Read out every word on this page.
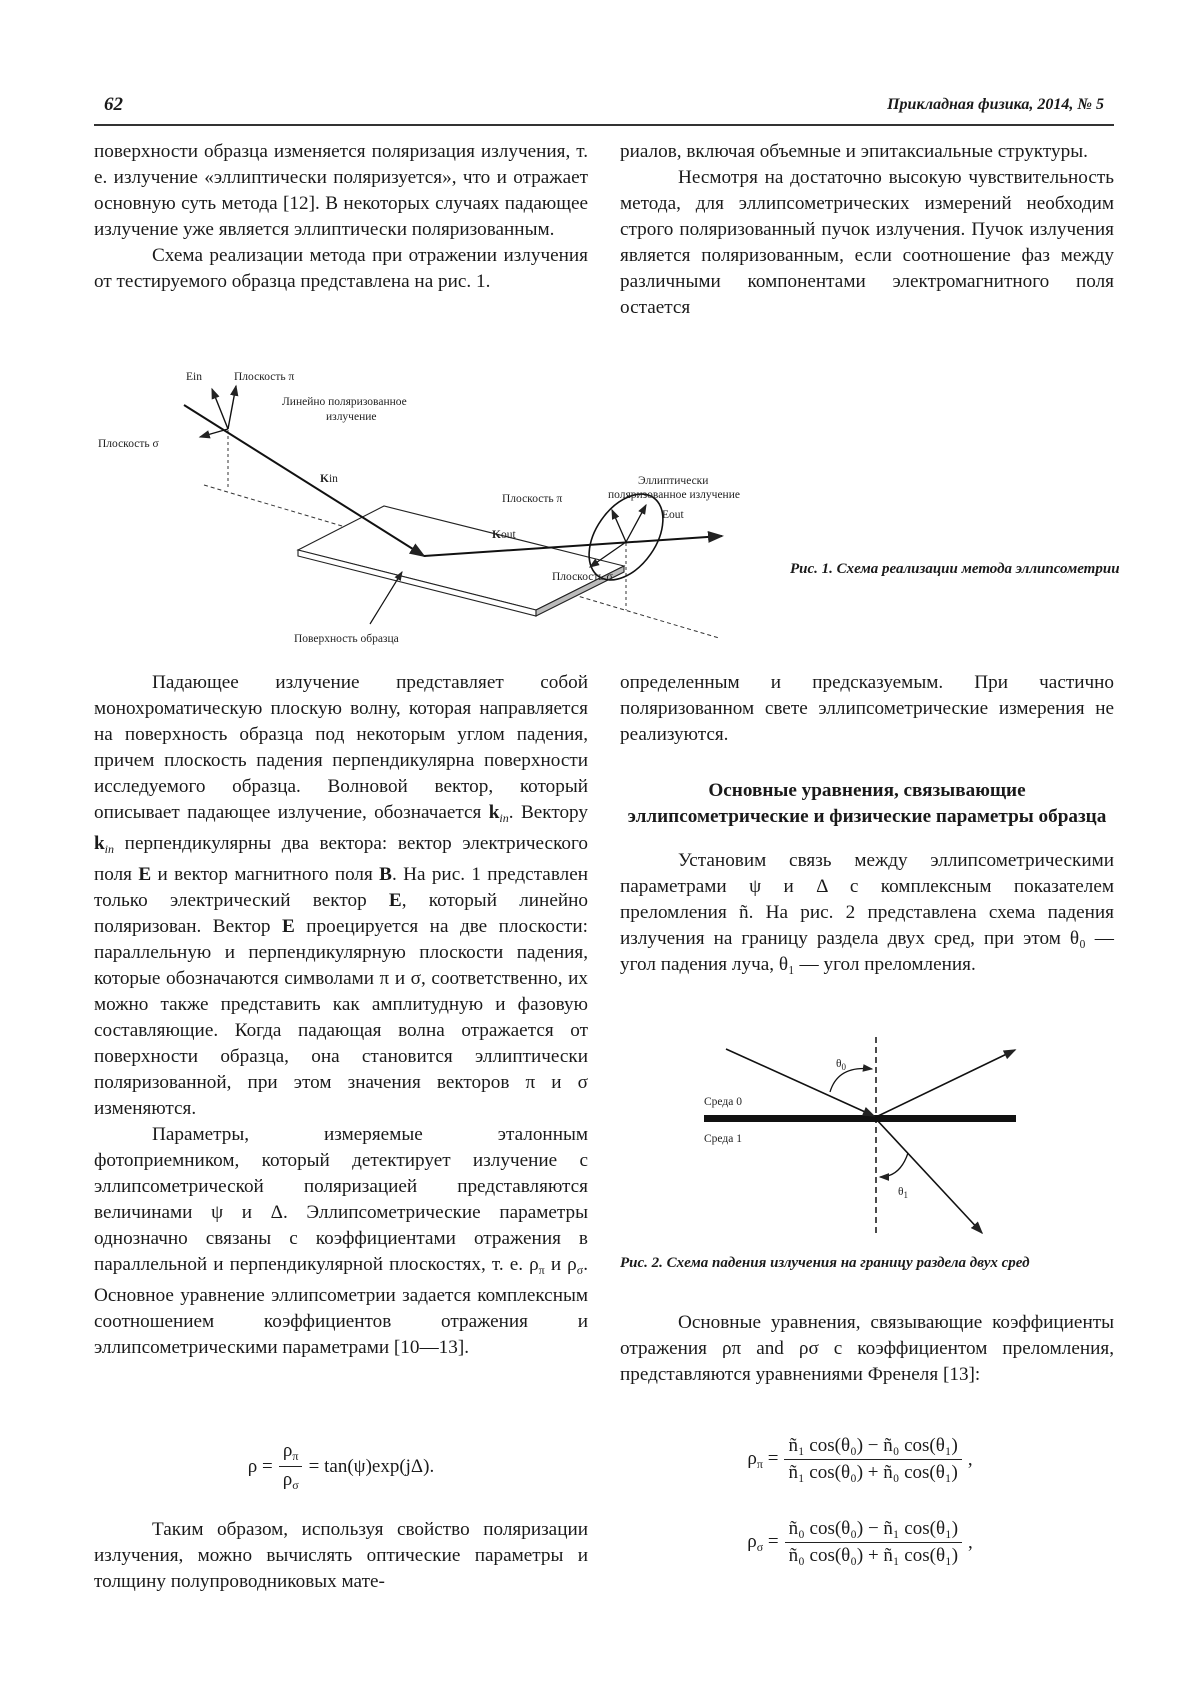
62	Прикладная физика, 2014, № 5

поверхности образца изменяется поляризация излучения, т. е. излучение «эллиптически поляризуется», что и отражает основную суть метода [12]. В некоторых случаях падающее излучение уже является эллиптически поляризованным.

Схема реализации метода при отражении излучения от тестируемого образца представлена на рис. 1.

риалов, включая объемные и эпитаксиальные структуры.

Несмотря на достаточно высокую чувствительность метода, для эллипсометрических измерений необходим строго поляризованный пучок излучения. Пучок излучения является поляризованным, если соотношение фаз между различными компонентами электромагнитного поля остается

Ein	Плоскость π
Линейно поляризованное
излучение
Плоскость σ
Kin	Эллиптически
поляризованное излучение
Плоскость π
Eout
Kout
Плоскость σ
Поверхность образца
Рис. 1. Схема реализации метода эллипсометрии

Падающее излучение представляет собой монохроматическую плоскую волну, которая направляется на поверхность образца под некоторым углом падения, причем плоскость падения перпендикулярна поверхности исследуемого образца. Волновой вектор, который описывает падающее излучение, обозначается $k_{in}$. Вектору $k_{in}$ перпендикулярны два вектора: вектор электрического поля E и вектор магнитного поля B. На рис. 1 представлен только электрический вектор E, который линейно поляризован. Вектор E проецируется на две плоскости: параллельную и перпендикулярную плоскости падения, которые обозначаются символами π и σ, соответственно, их можно также представить как амплитудную и фазовую составляющие. Когда падающая волна отражается от поверхности образца, она становится эллиптически поляризованной, при этом значения векторов π и σ изменяются.

Параметры, измеряемые эталонным фотоприемником, который детектирует излучение с эллипсометрической поляризацией представляются величинами ψ и Δ. Эллипсометрические параметры однозначно связаны с коэффициентами отражения в параллельной и перпендикулярной плоскостях, т. е. $\rho_\pi$ и $\rho_\sigma$. Основное уравнение эллипсометрии задается комплексным соотношением коэффициентов отражения и эллипсометрическими параметрами [10—13].

$\rho = \frac{\rho_\pi}{\rho_\sigma} = \tan(\psi)\exp(j\Delta)$.

Таким образом, используя свойство поляризации излучения, можно вычислять оптические параметры и толщину полупроводниковых мате-

определенным и предсказуемым. При частично поляризованном свете эллипсометрические измерения не реализуются.

Основные уравнения, связывающие эллипсометрические и физические параметры образца

Установим связь между эллипсометрическими параметрами ψ и Δ с комплексным показателем преломления ñ. На рис. 2 представлена схема падения излучения на границу раздела двух сред, при этом θ₀ — угол падения луча, θ₁ — угол преломления.

Среда 0
Среда 1
$\theta_0$
$\theta_1$
Рис. 2. Схема падения излучения на границу раздела двух сред

Основные уравнения, связывающие коэффициенты отражения ρπ and ρσ с коэффициентом преломления, представляются уравнениями Френеля [13]:

$\rho_\pi = \frac{\text{ñ₁ cos(θ₀) − ñ₀ cos(θ₁)}}{\text{ñ₁ cos(θ₀) + ñ₀ cos(θ₁)}}$ ,
$\rho_\sigma = \frac{\text{ñ₀ cos(θ₀) − ñ₁ cos(θ₁)}}{\text{ñ₀ cos(θ₀) + ñ₁ cos(θ₁)}}$ ,
